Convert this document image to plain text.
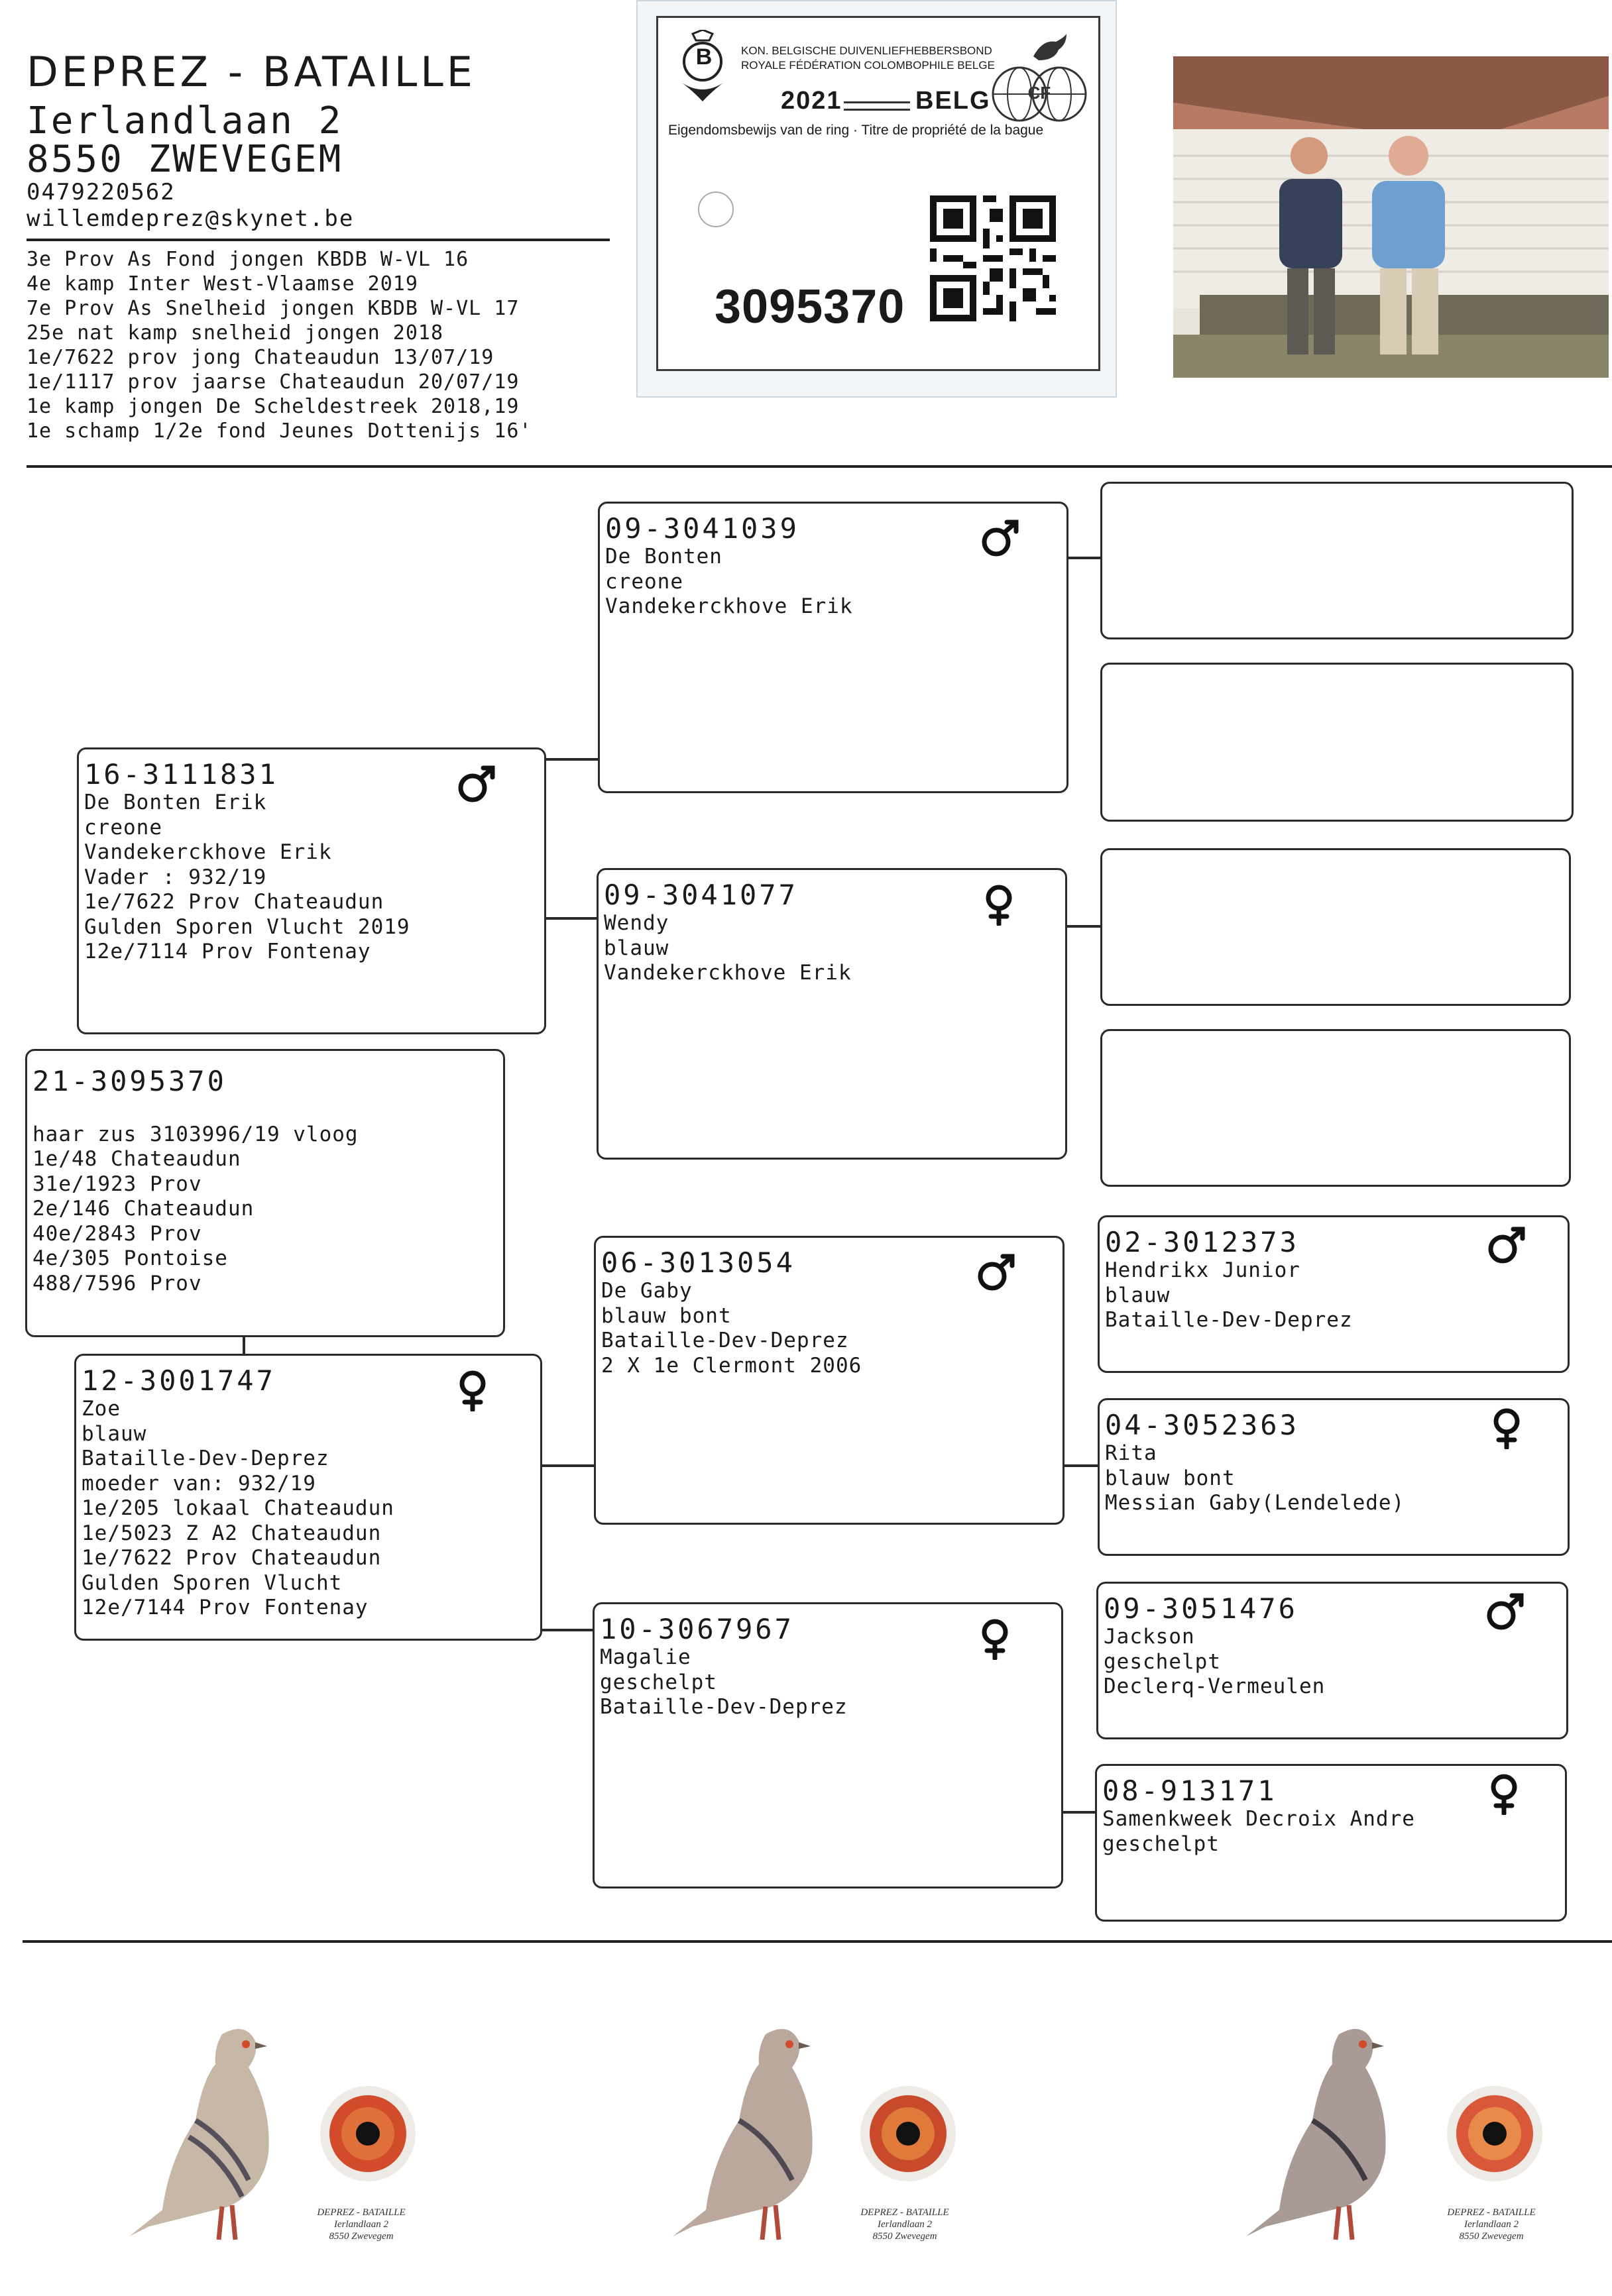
DEPREZ - BATAILLE
Ierlandlaan 2
8550 ZWEVEGEM
0479220562
willemdeprez@skynet.be
3e Prov As Fond jongen KBDB W-VL 16
4e kamp Inter West-Vlaamse 2019
7e Prov As Snelheid jongen KBDB W-VL 17
25e nat kamp snelheid jongen 2018
1e/7622 prov jong Chateaudun 13/07/19
1e/1117 prov jaarse Chateaudun 20/07/19
1e kamp jongen De Scheldestreek 2018,19
1e schamp 1/2e fond Jeunes Dottenijs 16'
B	KON. BELGISCHE DUIVENLIEFHEBBERSBOND
ROYALE FÉDÉRATION COLOMBOPHILE BELGE
2021	BELG CF
Eigendomsbewijs van de ring · Titre de propriété de la bague
3095370
21-3095370
haar zus 3103996/19 vloog
1e/48 Chateaudun
31e/1923 Prov
2e/146 Chateaudun
40e/2843 Prov
4e/305 Pontoise
488/7596 Prov
16-3111831
De Bonten Erik
creone
Vandekerckhove Erik
Vader : 932/19
1e/7622 Prov Chateaudun
Gulden Sporen Vlucht 2019
12e/7114 Prov Fontenay
12-3001747
Zoe
blauw
Bataille-Dev-Deprez
moeder van: 932/19
1e/205 lokaal Chateaudun
1e/5023 Z A2 Chateaudun
1e/7622 Prov Chateaudun
Gulden Sporen Vlucht
12e/7144 Prov Fontenay
09-3041039
De Bonten
creone
Vandekerckhove Erik
09-3041077
Wendy
blauw
Vandekerckhove Erik
06-3013054
De Gaby
blauw bont
Bataille-Dev-Deprez
2 X 1e Clermont 2006
10-3067967
Magalie
geschelpt
Bataille-Dev-Deprez
02-3012373
Hendrikx Junior
blauw
Bataille-Dev-Deprez
04-3052363
Rita
blauw bont
Messian Gaby(Lendelede)
09-3051476
Jackson
geschelpt
Declerq-Vermeulen
08-913171
Samenkweek Decroix Andre
geschelpt
DEPREZ - BATAILLE
Ierlandlaan 2
8550 Zwevegem
DEPREZ - BATAILLE
Ierlandlaan 2
8550 Zwevegem
DEPREZ - BATAILLE
Ierlandlaan 2
8550 Zwevegem
